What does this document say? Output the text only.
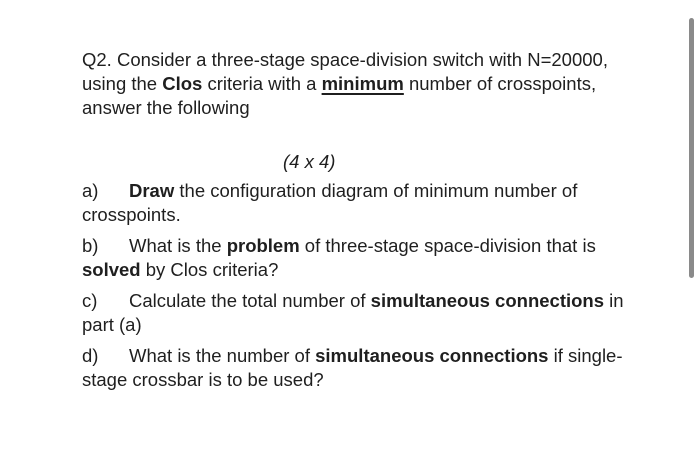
Q2. Consider a three-stage space-division switch with N=20000, using the Clos criteria with a minimum number of crosspoints, answer the following

(4 x 4)

a) Draw the configuration diagram of minimum number of crosspoints.

b) What is the problem of three-stage space-division that is solved by Clos criteria?

c) Calculate the total number of simultaneous connections in part (a)

d) What is the number of simultaneous connections if single-stage crossbar is to be used?
